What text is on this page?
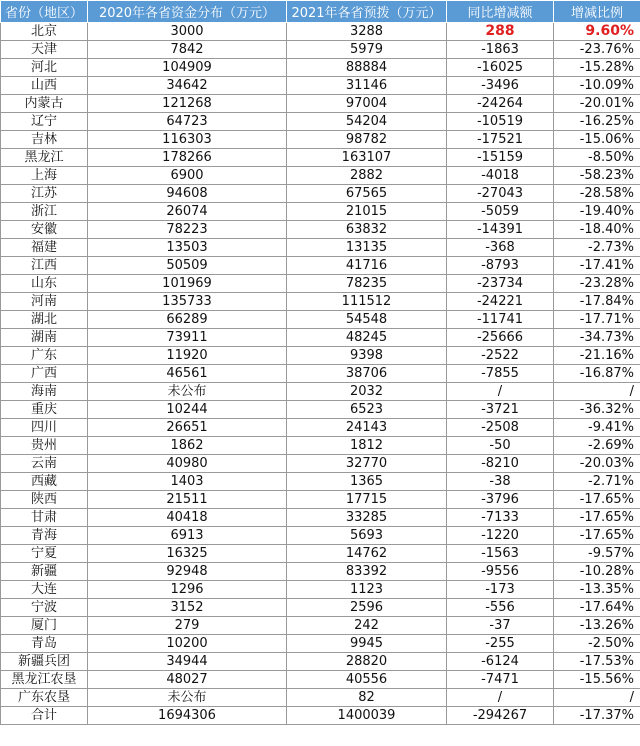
省份（地区）	2020年各省资金分布（万元）	2021年各省预拨（万元）	同比增减额	增减比例
北京	3000	3288	288	9.60%
天津	7842	5979	-1863	-23.76%
河北	104909	88884	-16025	-15.28%
山西	34642	31146	-3496	-10.09%
内蒙古	121268	97004	-24264	-20.01%
辽宁	64723	54204	-10519	-16.25%
吉林	116303	98782	-17521	-15.06%
黑龙江	178266	163107	-15159	-8.50%
上海	6900	2882	-4018	-58.23%
江苏	94608	67565	-27043	-28.58%
浙江	26074	21015	-5059	-19.40%
安徽	78223	63832	-14391	-18.40%
福建	13503	13135	-368	-2.73%
江西	50509	41716	-8793	-17.41%
山东	101969	78235	-23734	-23.28%
河南	135733	111512	-24221	-17.84%
湖北	66289	54548	-11741	-17.71%
湖南	73911	48245	-25666	-34.73%
广东	11920	9398	-2522	-21.16%
广西	46561	38706	-7855	-16.87%
海南	未公布	2032	/	/
重庆	10244	6523	-3721	-36.32%
四川	26651	24143	-2508	-9.41%
贵州	1862	1812	-50	-2.69%
云南	40980	32770	-8210	-20.03%
西藏	1403	1365	-38	-2.71%
陕西	21511	17715	-3796	-17.65%
甘肃	40418	33285	-7133	-17.65%
青海	6913	5693	-1220	-17.65%
宁夏	16325	14762	-1563	-9.57%
新疆	92948	83392	-9556	-10.28%
大连	1296	1123	-173	-13.35%
宁波	3152	2596	-556	-17.64%
厦门	279	242	-37	-13.26%
青岛	10200	9945	-255	-2.50%
新疆兵团	34944	28820	-6124	-17.53%
黑龙江农垦	48027	40556	-7471	-15.56%
广东农垦	未公布	82	/	/
合计	1694306	1400039	-294267	-17.37%
